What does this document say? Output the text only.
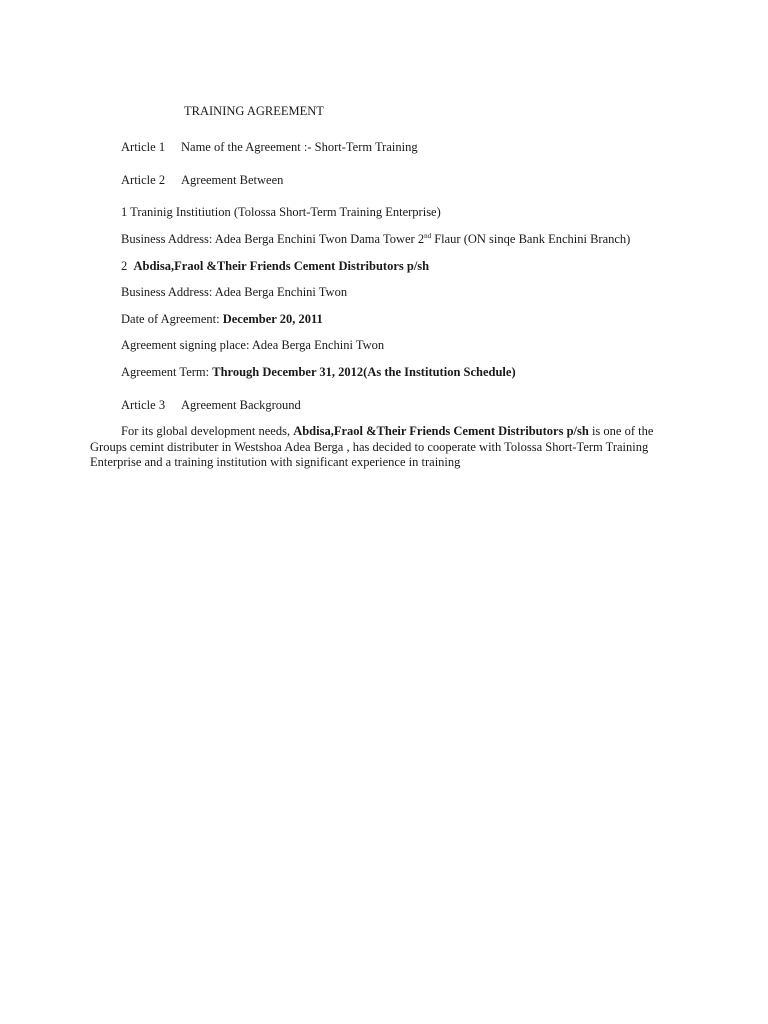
TRAINING AGREEMENT
Article 1 Name of the Agreement :- Short-Term Training
Article 2 Agreement Between
1 Traninig Institiution (Tolossa Short-Term Training Enterprise)
Business Address: Adea Berga Enchini Twon Dama Tower 2nd Flaur (ON sinqe Bank Enchini Branch)
2 Abdisa,Fraol &Their Friends Cement Distributors p/sh
Business Address: Adea Berga Enchini Twon
Date of Agreement: December 20, 2011
Agreement signing place: Adea Berga Enchini Twon
Agreement Term: Through December 31, 2012(As the Institution Schedule)
Article 3 Agreement Background
For its global development needs, Abdisa,Fraol &Their Friends Cement Distributors p/sh is one of the Groups cemint distributer in Westshoa Adea Berga , has decided to cooperate with Tolossa Short-Term Training Enterprise and a training institution with significant experience in training
